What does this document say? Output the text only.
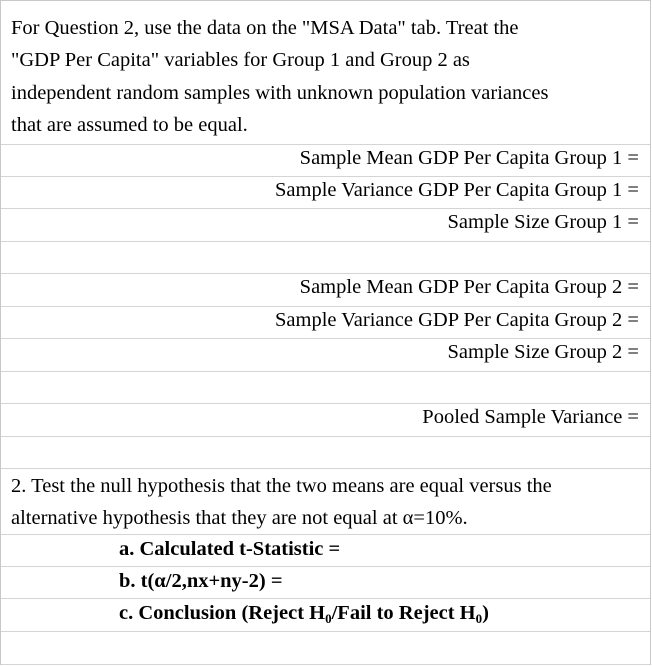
For Question 2, use the data on the "MSA Data" tab. Treat the
"GDP Per Capita" variables for Group 1 and Group 2 as
independent random samples with unknown population variances
that are assumed to be equal.
Sample Mean GDP Per Capita Group 1 =
Sample Variance GDP Per Capita Group 1 =
Sample Size Group 1 =
Sample Mean GDP Per Capita Group 2 =
Sample Variance GDP Per Capita Group 2 =
Sample Size Group 2 =
Pooled Sample Variance =
2. Test the null hypothesis that the two means are equal versus the
alternative hypothesis that they are not equal at α=10%.
a. Calculated t-Statistic =
b. t(α/2,nx+ny-2) =
c. Conclusion (Reject $H_0$/Fail to Reject $H_0$)
